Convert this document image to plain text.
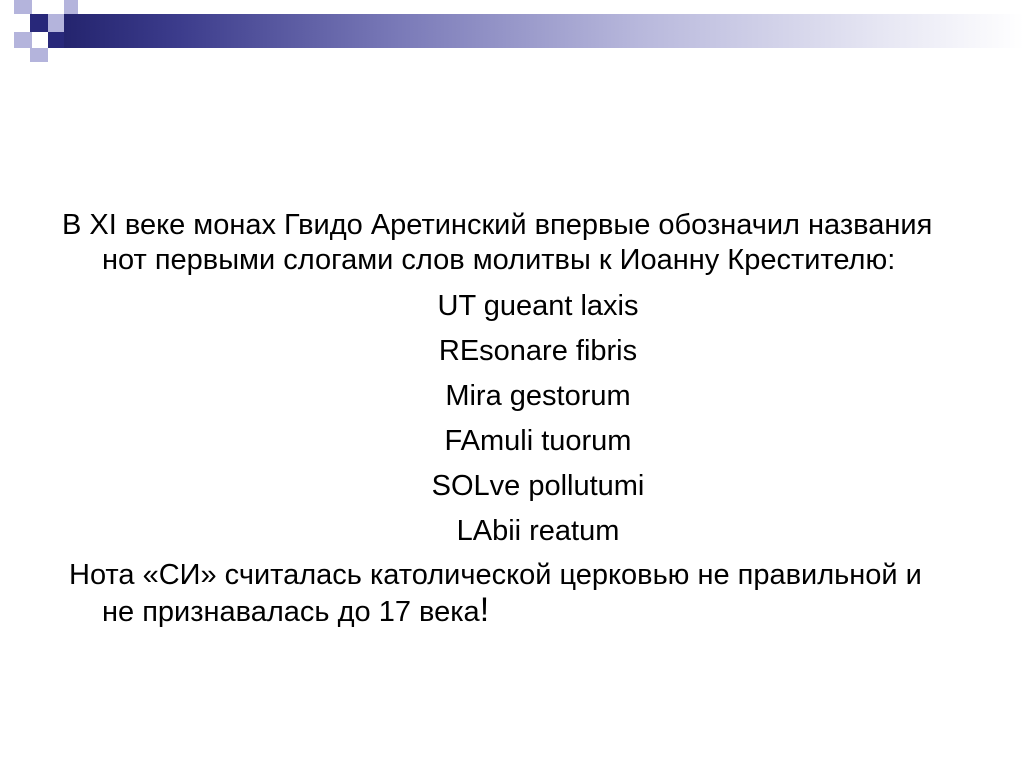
В XI веке монах Гвидо Аретинский впервые обозначил названия нот первыми слогами слов молитвы к Иоанну Крестителю:

UT gueant laxis
REsonare fibris
Mira gestorum
FAmuli tuorum
SOLve pollutumi
LAbii reatum

Нота «СИ» считалась католической церковью не правильной и не признавалась до 17 века!
